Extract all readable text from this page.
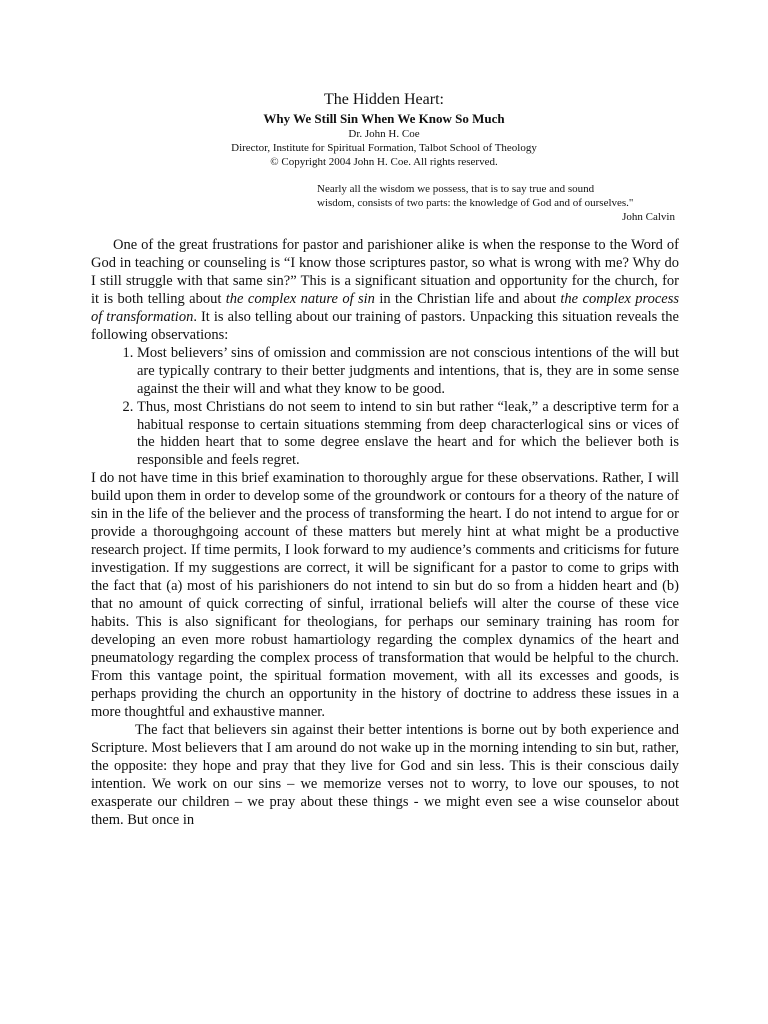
The Hidden Heart:

Why We Still Sin When We Know So Much

Dr. John H. Coe

Director, Institute for Spiritual Formation, Talbot School of Theology

© Copyright 2004 John H. Coe. All rights reserved.

Nearly all the wisdom we possess, that is to say true and sound
wisdom, consists of two parts: the knowledge of God and of ourselves."
John Calvin

One of the great frustrations for pastor and parishioner alike is when the response to the Word of God in teaching or counseling is “I know those scriptures pastor, so what is wrong with me? Why do I still struggle with that same sin?” This is a significant situation and opportunity for the church, for it is both telling about the complex nature of sin in the Christian life and about the complex process of transformation. It is also telling about our training of pastors. Unpacking this situation reveals the following observations:

1. Most believers’ sins of omission and commission are not conscious intentions of the will but are typically contrary to their better judgments and intentions, that is, they are in some sense against the their will and what they know to be good.
2. Thus, most Christians do not seem to intend to sin but rather “leak,” a descriptive term for a habitual response to certain situations stemming from deep characterlogical sins or vices of the hidden heart that to some degree enslave the heart and for which the believer both is responsible and feels regret.

I do not have time in this brief examination to thoroughly argue for these observations. Rather, I will build upon them in order to develop some of the groundwork or contours for a theory of the nature of sin in the life of the believer and the process of transforming the heart. I do not intend to argue for or provide a thoroughgoing account of these matters but merely hint at what might be a productive research project. If time permits, I look forward to my audience’s comments and criticisms for future investigation. If my suggestions are correct, it will be significant for a pastor to come to grips with the fact that (a) most of his parishioners do not intend to sin but do so from a hidden heart and (b) that no amount of quick correcting of sinful, irrational beliefs will alter the course of these vice habits. This is also significant for theologians, for perhaps our seminary training has room for developing an even more robust hamartiology regarding the complex dynamics of the heart and pneumatology regarding the complex process of transformation that would be helpful to the church. From this vantage point, the spiritual formation movement, with all its excesses and goods, is perhaps providing the church an opportunity in the history of doctrine to address these issues in a more thoughtful and exhaustive manner.

The fact that believers sin against their better intentions is borne out by both experience and Scripture. Most believers that I am around do not wake up in the morning intending to sin but, rather, the opposite: they hope and pray that they live for God and sin less. This is their conscious daily intention. We work on our sins – we memorize verses not to worry, to love our spouses, to not exasperate our children – we pray about these things - we might even see a wise counselor about them. But once in
